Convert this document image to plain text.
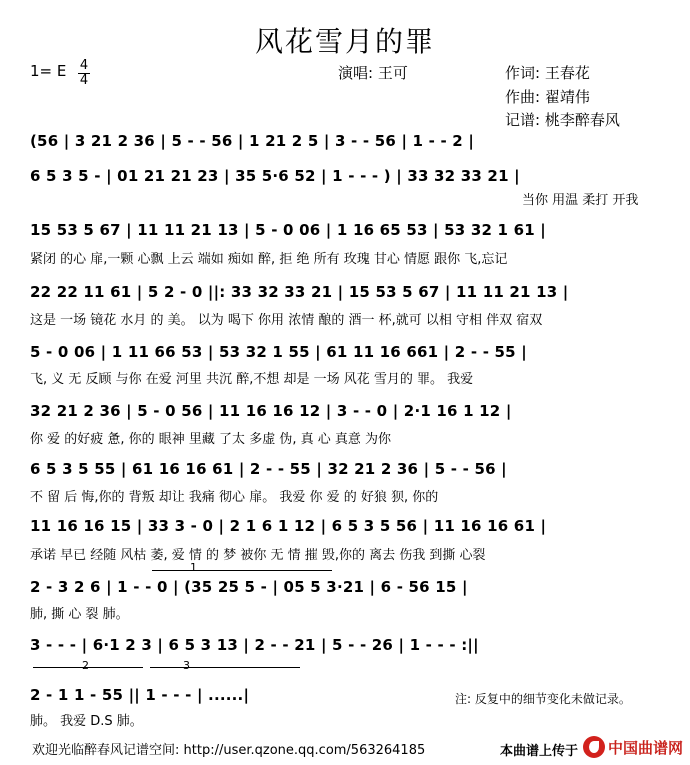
风花雪月的罪
1= E 4
4	演唱: 王可	作词: 王春花
作曲: 翟靖伟
记谱: 桃李醉春风
(56 | 3 21 2 36 | 5 - - 56 | 1 21 2 5 | 3 - - 56 | 1 - - 2 |
6 5 3 5 - | 01 21 21 23 | 35 5·6 52 | 1 - - - ) | 33 32 33 21 |
当你 用温 柔打 开我
15 53 5 67 | 11 11 21 13 | 5 - 0 06 | 1 16 65 53 | 53 32 1 61 |
紧闭 的心 扉,一颗 心飘 上云 端如 痴如 醉, 拒 绝 所有 玫瑰 甘心 情愿 跟你 飞,忘记
22 22 11 61 | 5 2 - 0 ||: 33 32 33 21 | 15 53 5 67 | 11 11 21 13 |
这是 一场 镜花 水月 的 美。 以为 喝下 你用 浓情 酿的 酒一 杯,就可 以相 守相 伴双 宿双
5 - 0 06 | 1 11 66 53 | 53 32 1 55 | 61 11 16 661 | 2 - - 55 |
飞, 义 无 反顾 与你 在爱 河里 共沉 醉,不想 却是 一场 风花 雪月的 罪。 我爱
32 21 2 36 | 5 - 0 56 | 11 16 16 12 | 3 - - 0 | 2·1 16 1 12 |
你 爱 的好疲 惫, 你的 眼神 里藏 了太 多虚 伪, 真 心 真意 为你
6 5 3 5 55 | 61 16 16 61 | 2 - - 55 | 32 21 2 36 | 5 - - 56 |
不 留 后 悔,你的 背叛 却让 我痛 彻心 扉。 我爱 你 爱 的 好狼 狈, 你的
11 16 16 15 | 33 3 - 0 | 2 1 6 1 12 | 6 5 3 5 56 | 11 16 16 61 |
承诺 早已 经随 风枯 萎, 爱 情 的 梦 被你 无 情 摧 毁,你的 离去 伤我 到撕 心裂
2 - 3 2 6 | 1 - - 0 | (35 25 5 - | 05 5 3·21 | 6 - 56 15 |
肺, 撕 心 裂 肺。
3 - - - | 6·1 2 3 | 6 5 3 13 | 2 - - 21 | 5 - - 26 | 1 - - - :||
2 - 1 1 - 55 || 1 - - - | ......|
肺。 我爱 D.S 肺。
1
2	3
注: 反复中的细节变化未做记录。
欢迎光临醉春风记谱空间: http://user.qzone.qq.com/563264185	本曲谱上传于 中国曲谱网
